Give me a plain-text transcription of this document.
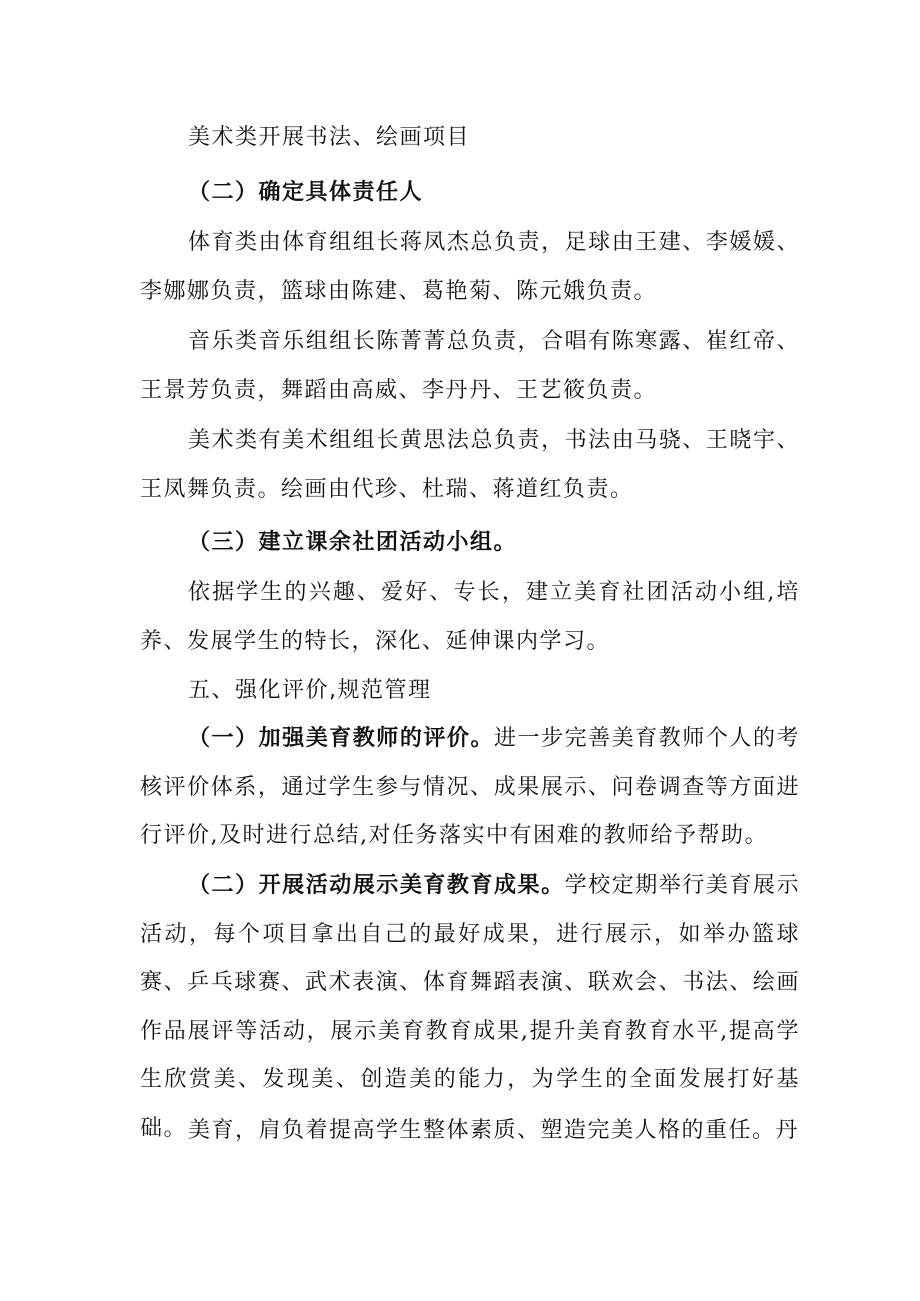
美术类开展书法、绘画项目

（二）确定具体责任人

体育类由体育组组长蒋凤杰总负责，足球由王建、李媛媛、李娜娜负责，篮球由陈建、葛艳菊、陈元娥负责。

音乐类音乐组组长陈菁菁总负责，合唱有陈寒露、崔红帝、王景芳负责，舞蹈由高威、李丹丹、王艺筱负责。

美术类有美术组组长黄思法总负责，书法由马骁、王晓宇、王凤舞负责。绘画由代珍、杜瑞、蒋道红负责。

（三）建立课余社团活动小组。

依据学生的兴趣、爱好、专长，建立美育社团活动小组,培养、发展学生的特长，深化、延伸课内学习。

五、强化评价,规范管理

（一）加强美育教师的评价。进一步完善美育教师个人的考核评价体系，通过学生参与情况、成果展示、问卷调查等方面进行评价,及时进行总结,对任务落实中有困难的教师给予帮助。

（二）开展活动展示美育教育成果。学校定期举行美育展示活动，每个项目拿出自己的最好成果，进行展示，如举办篮球赛、乒乓球赛、武术表演、体育舞蹈表演、联欢会、书法、绘画作品展评等活动，展示美育教育成果,提升美育教育水平,提高学生欣赏美、发现美、创造美的能力，为学生的全面发展打好基础。 美育，肩负着提高学生整体素质、塑造完美人格的重任。丹
